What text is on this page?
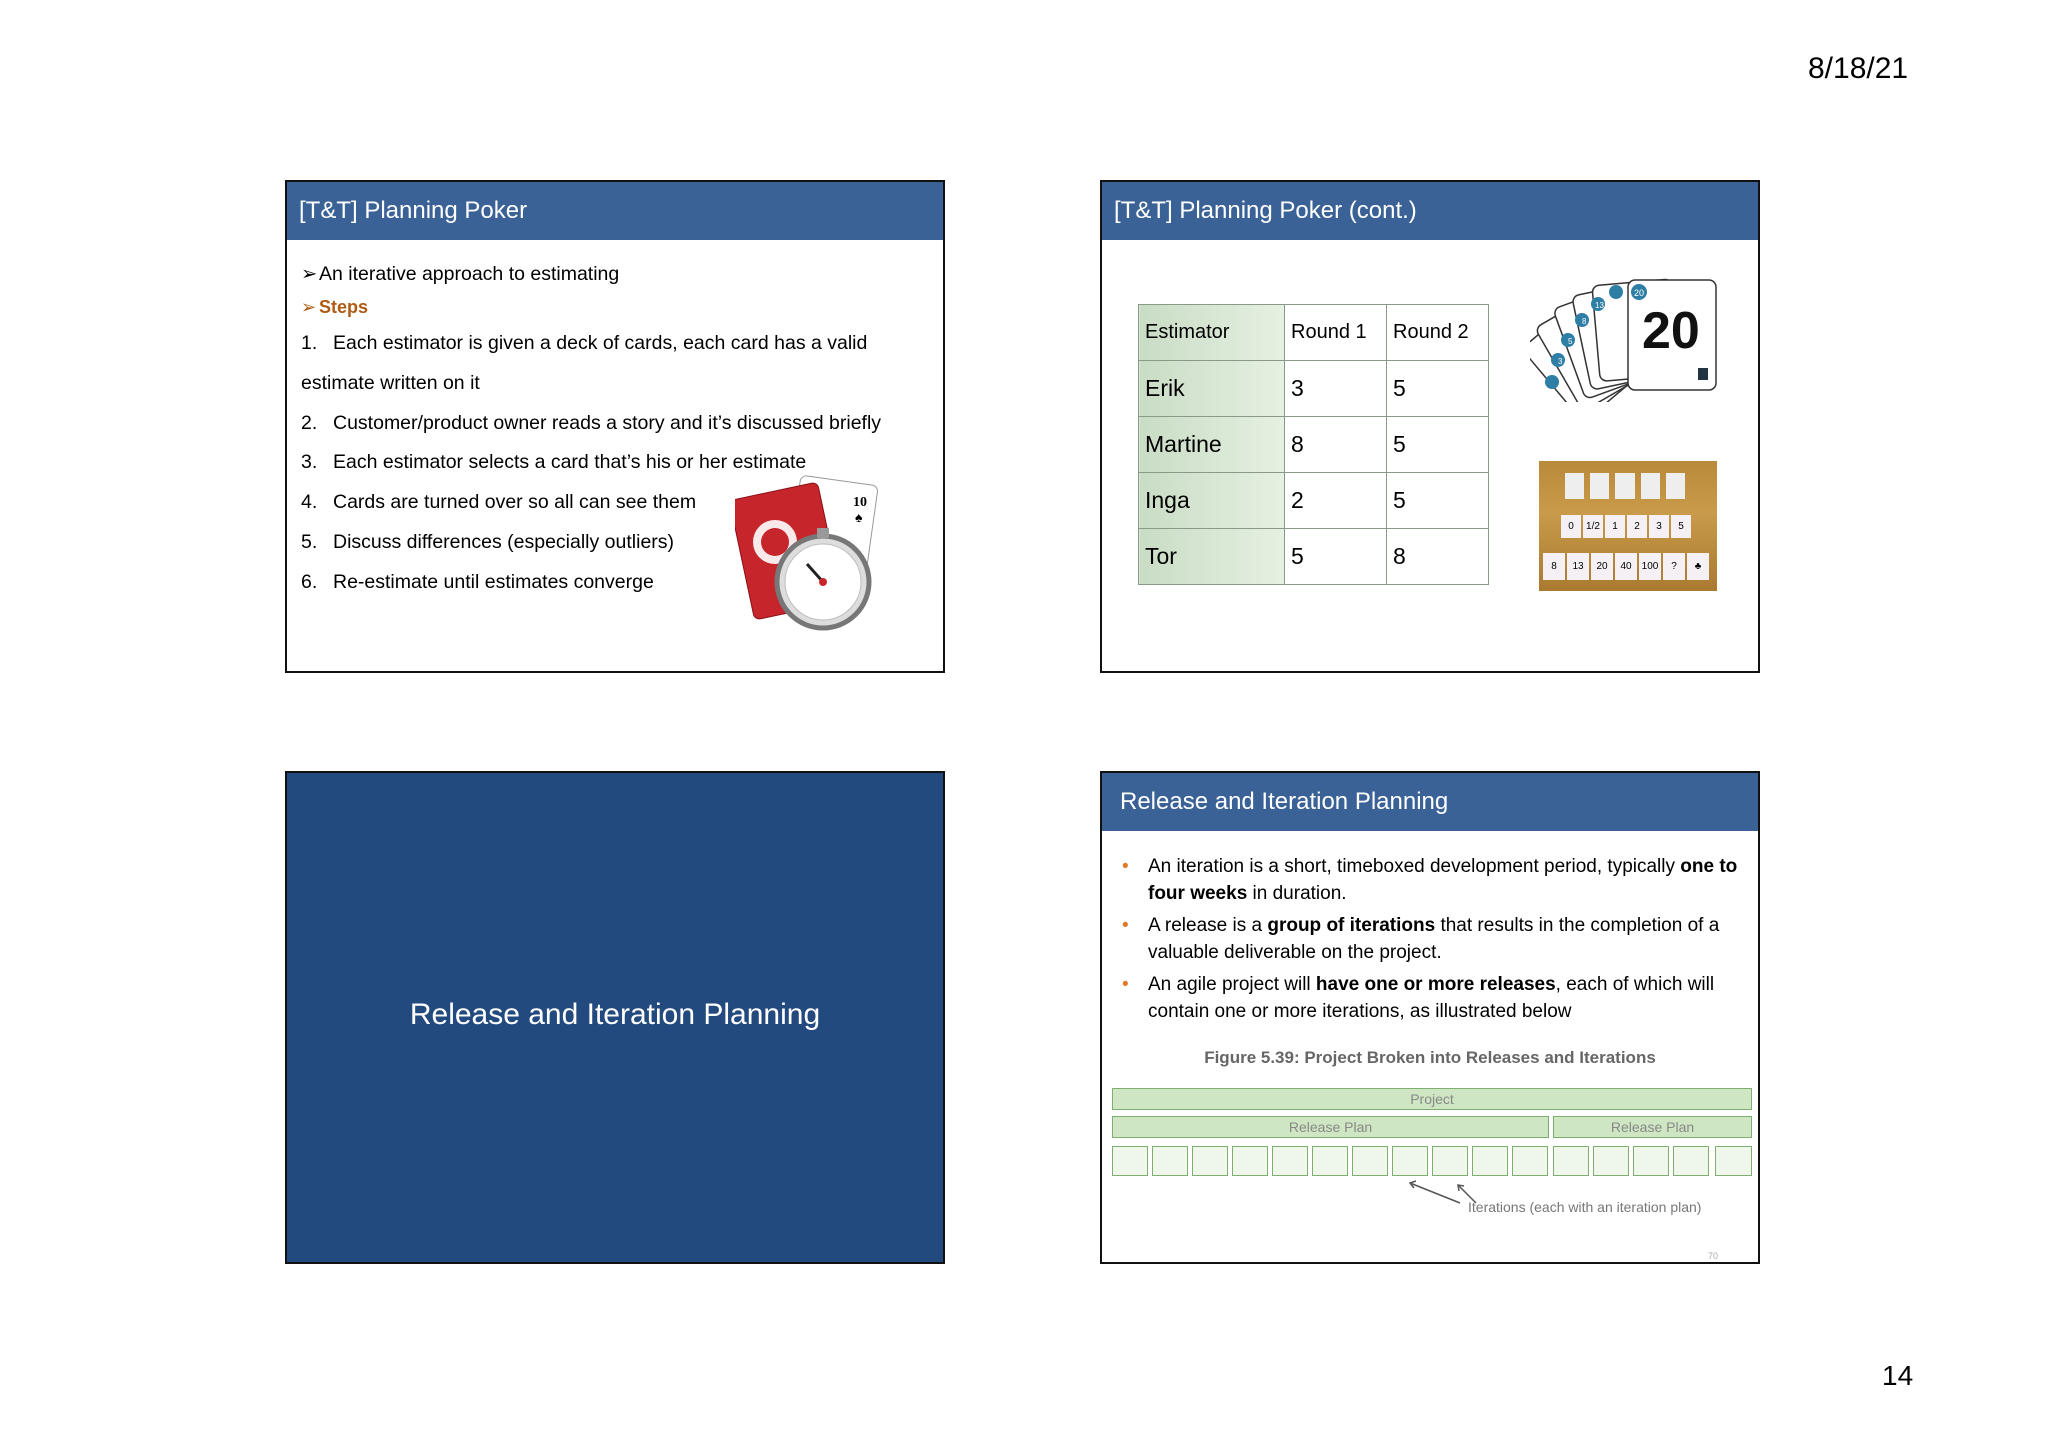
8/18/21
[T&T] Planning Poker
➢An iterative approach to estimating
➢ Steps
1. Each estimator is given a deck of cards, each card has a valid
estimate written on it
2. Customer/product owner reads a story and it’s discussed briefly
3. Each estimator selects a card that’s his or her estimate
4. Cards are turned over so all can see them
5. Discuss differences (especially outliers)
6. Re-estimate until estimates converge
10
♠
[T&T] Planning Poker (cont.)
Estimator	Round 1	Round 2
Erik	3	5
Martine	8	5
Inga	2	5
Tor	5	8
3
5
8
13
20
20
0	1/2	1	2	3	5
8	13	20	40	100	?	♣
Release and Iteration Planning
Release and Iteration Planning
• An iteration is a short, timeboxed development period, typically one to four weeks in duration.
• A release is a group of iterations that results in the completion of a valuable deliverable on the project.
• An agile project will have one or more releases, each of which will contain one or more iterations, as illustrated below
Figure 5.39: Project Broken into Releases and Iterations
Project
Release Plan	Release Plan
Iterations (each with an iteration plan)
70
14
